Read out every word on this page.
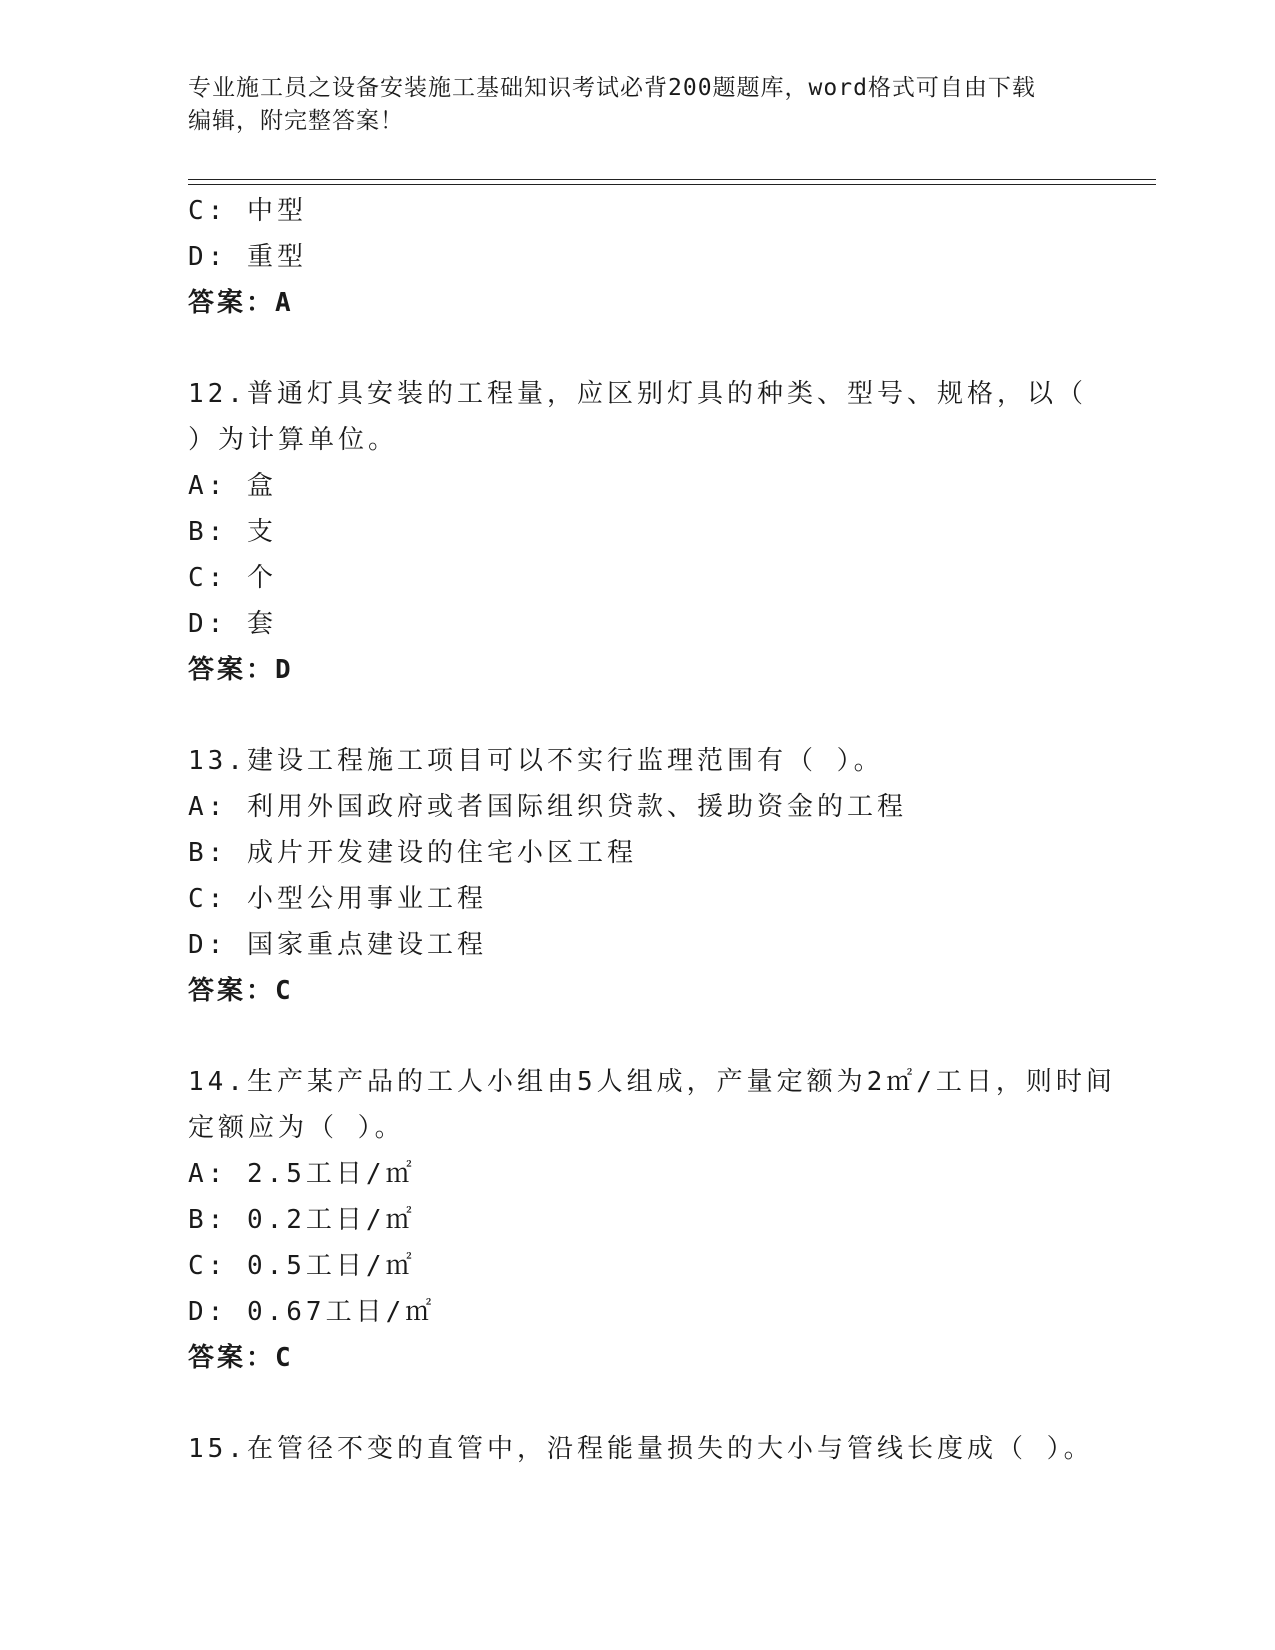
专业施工员之设备安装施工基础知识考试必背200题题库，word格式可自由下载
编辑，附完整答案！
C: 中型
D: 重型
答案：A
12.普通灯具安装的工程量，应区别灯具的种类、型号、规格，以（
）为计算单位。
A: 盒
B: 支
C: 个
D: 套
答案：D
13.建设工程施工项目可以不实行监理范围有（ ）。
A: 利用外国政府或者国际组织贷款、援助资金的工程
B: 成片开发建设的住宅小区工程
C: 小型公用事业工程
D: 国家重点建设工程
答案：C
14.生产某产品的工人小组由5人组成，产量定额为2㎡/工日，则时间
定额应为（ ）。
A: 2.5工日/㎡
B: 0.2工日/㎡
C: 0.5工日/㎡
D: 0.67工日/㎡
答案：C
15.在管径不变的直管中，沿程能量损失的大小与管线长度成（ ）。
